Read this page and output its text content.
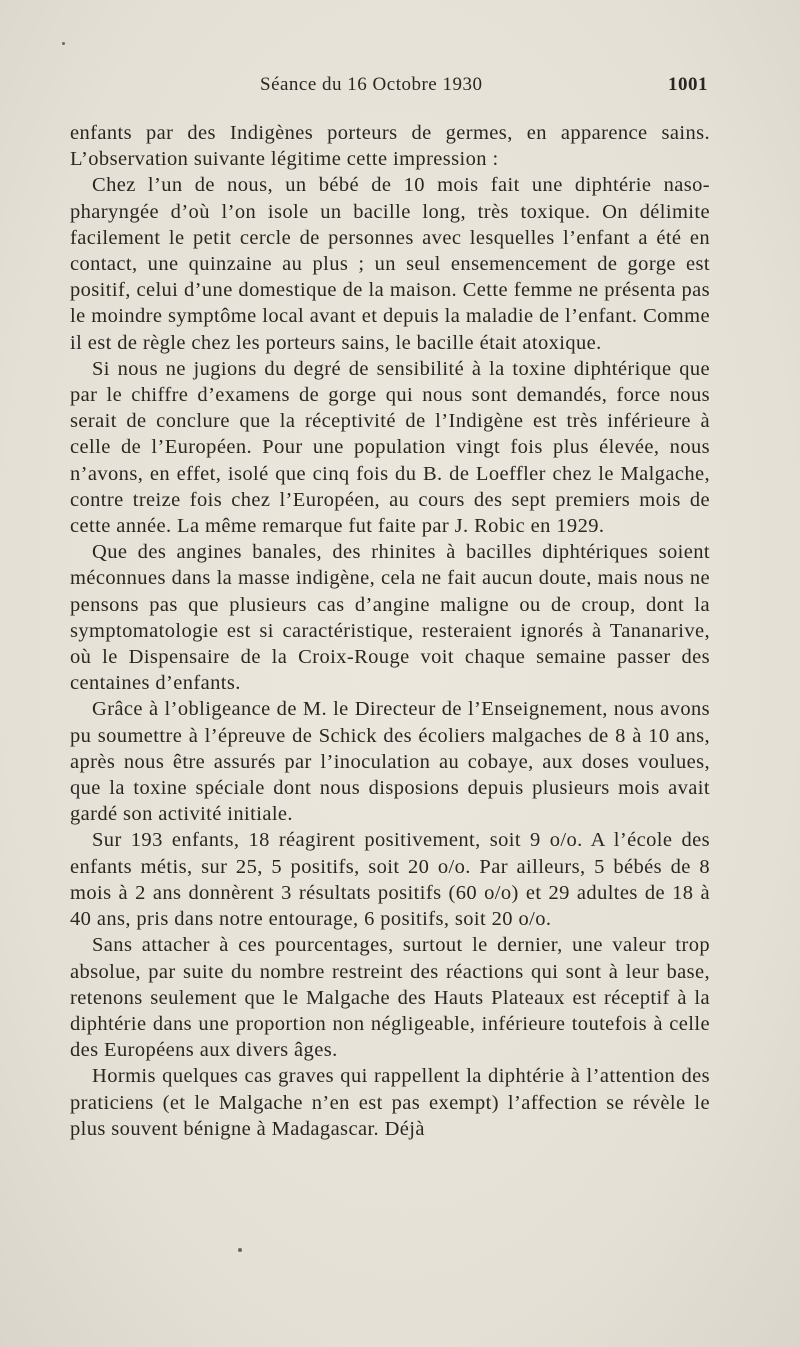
Séance du 16 Octobre 1930	1001

enfants par des Indigènes porteurs de germes, en apparence sains. L’observation suivante légitime cette impression :

Chez l’un de nous, un bébé de 10 mois fait une diphtérie naso-pharyngée d’où l’on isole un bacille long, très toxique. On délimite facilement le petit cercle de personnes avec lesquelles l’enfant a été en contact, une quinzaine au plus ; un seul ensemencement de gorge est positif, celui d’une domestique de la maison. Cette femme ne présenta pas le moindre symptôme local avant et depuis la maladie de l’enfant. Comme il est de règle chez les porteurs sains, le bacille était atoxique.

Si nous ne jugions du degré de sensibilité à la toxine diphtérique que par le chiffre d’examens de gorge qui nous sont demandés, force nous serait de conclure que la réceptivité de l’Indigène est très inférieure à celle de l’Européen. Pour une population vingt fois plus élevée, nous n’avons, en effet, isolé que cinq fois du B. de Loeffler chez le Malgache, contre treize fois chez l’Européen, au cours des sept premiers mois de cette année. La même remarque fut faite par J. Robic en 1929.

Que des angines banales, des rhinites à bacilles diphtériques soient méconnues dans la masse indigène, cela ne fait aucun doute, mais nous ne pensons pas que plusieurs cas d’angine maligne ou de croup, dont la symptomatologie est si caractéristique, resteraient ignorés à Tananarive, où le Dispensaire de la Croix-Rouge voit chaque semaine passer des centaines d’enfants.

Grâce à l’obligeance de M. le Directeur de l’Enseignement, nous avons pu soumettre à l’épreuve de Schick des écoliers malgaches de 8 à 10 ans, après nous être assurés par l’inoculation au cobaye, aux doses voulues, que la toxine spéciale dont nous disposions depuis plusieurs mois avait gardé son activité initiale.

Sur 193 enfants, 18 réagirent positivement, soit 9 o/o. A l’école des enfants métis, sur 25, 5 positifs, soit 20 o/o. Par ailleurs, 5 bébés de 8 mois à 2 ans donnèrent 3 résultats positifs (60 o/o) et 29 adultes de 18 à 40 ans, pris dans notre entourage, 6 positifs, soit 20 o/o.

Sans attacher à ces pourcentages, surtout le dernier, une valeur trop absolue, par suite du nombre restreint des réactions qui sont à leur base, retenons seulement que le Malgache des Hauts Plateaux est réceptif à la diphtérie dans une proportion non négligeable, inférieure toutefois à celle des Européens aux divers âges.

Hormis quelques cas graves qui rappellent la diphtérie à l’attention des praticiens (et le Malgache n’en est pas exempt) l’affection se révèle le plus souvent bénigne à Madagascar. Déjà
